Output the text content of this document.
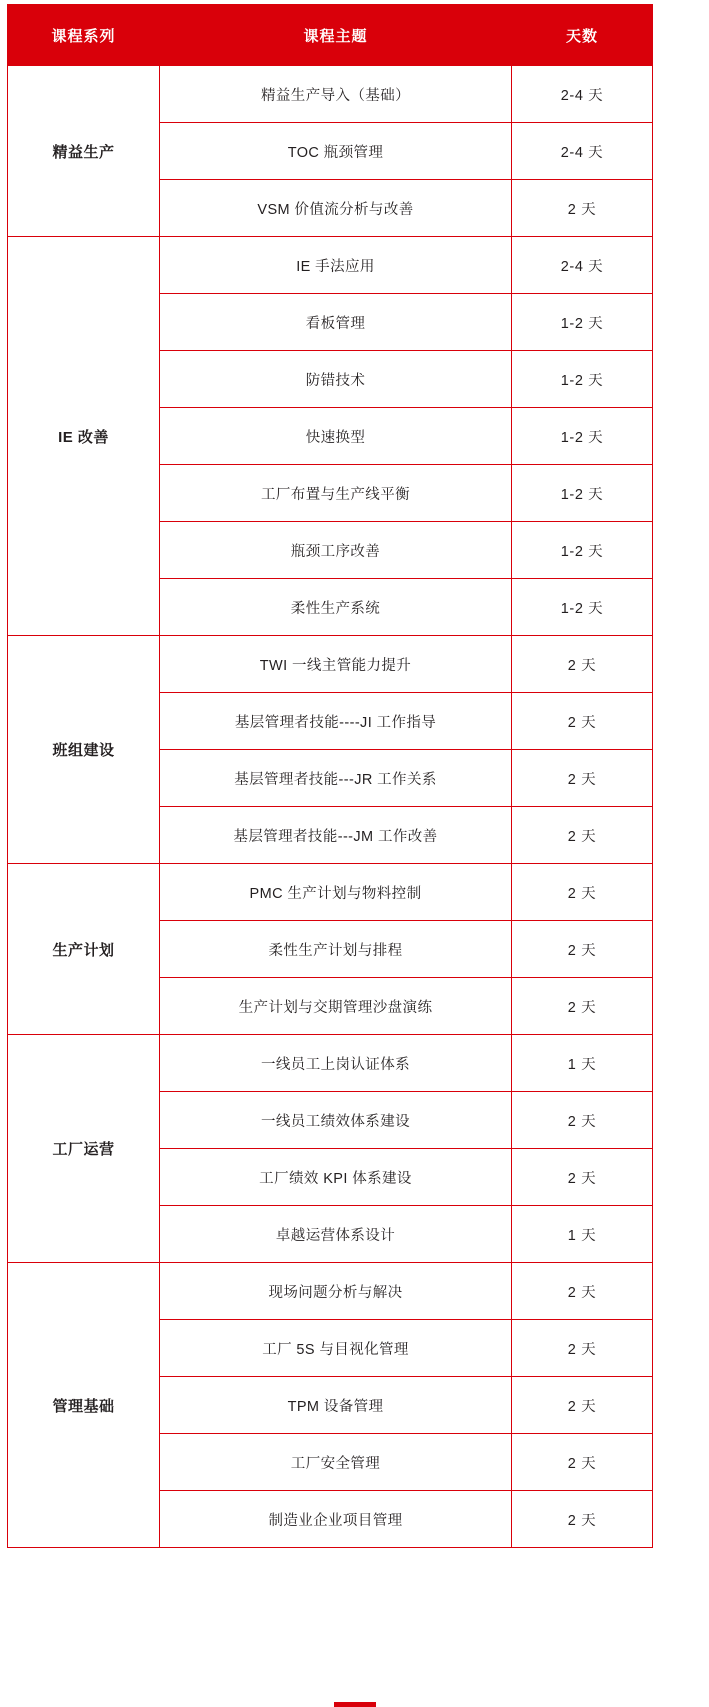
课程系列	课程主题	天数
精益生产	精益生产导入（基础）	2-4 天
	TOC 瓶颈管理	2-4 天
	VSM 价值流分析与改善	2 天
IE 改善	IE 手法应用	2-4 天
	看板管理	1-2 天
	防错技术	1-2 天
	快速换型	1-2 天
	工厂布置与生产线平衡	1-2 天
	瓶颈工序改善	1-2 天
	柔性生产系统	1-2 天
班组建设	TWI 一线主管能力提升	2 天
	基层管理者技能----JI 工作指导	2 天
	基层管理者技能---JR 工作关系	2 天
	基层管理者技能---JM 工作改善	2 天
生产计划	PMC 生产计划与物料控制	2 天
	柔性生产计划与排程	2 天
	生产计划与交期管理沙盘演练	2 天
工厂运营	一线员工上岗认证体系	1 天
	一线员工绩效体系建设	2 天
	工厂绩效 KPI 体系建设	2 天
	卓越运营体系设计	1 天
管理基础	现场问题分析与解决	2 天
	工厂 5S 与目视化管理	2 天
	TPM 设备管理	2 天
	工厂安全管理	2 天
	制造业企业项目管理	2 天
